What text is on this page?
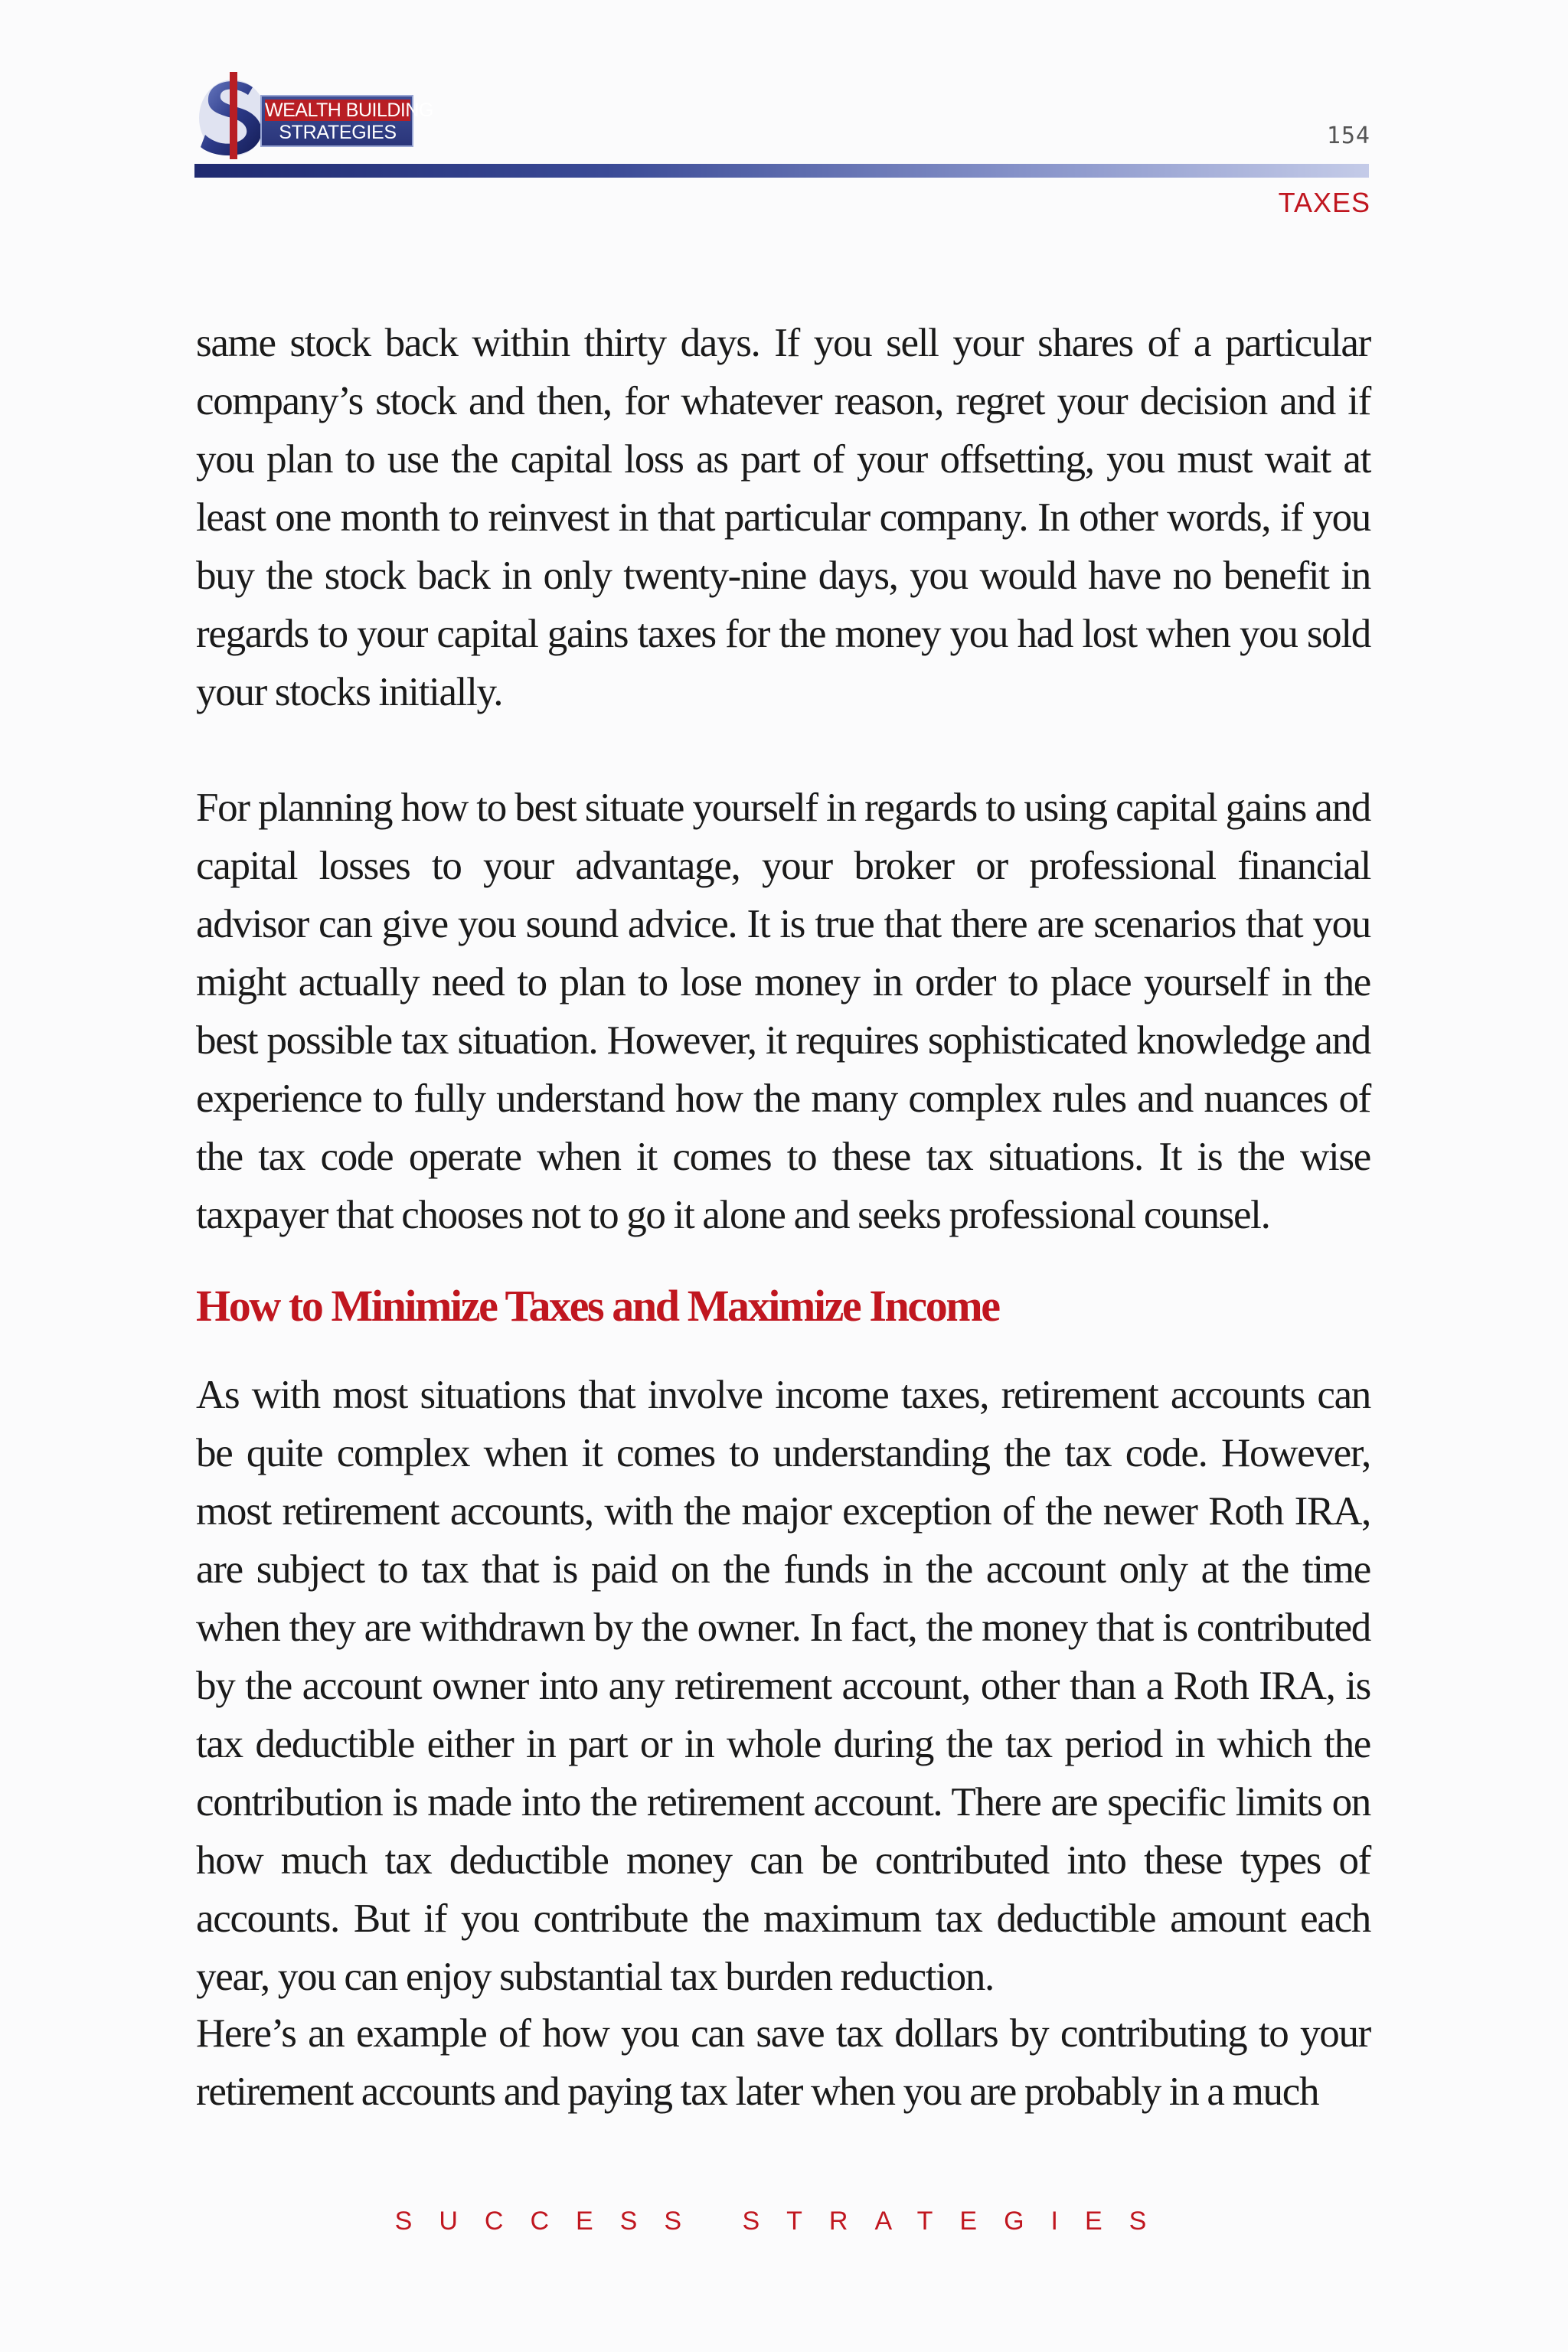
WEALTH BUILDING
STRATEGIES	154
TAXES

same stock back within thirty days. If you sell your shares of a particular company’s stock and then, for whatever reason, regret your decision and if you plan to use the capital loss as part of your offsetting, you must wait at least one month to reinvest in that particular company. In other words, if you buy the stock back in only twenty-nine days, you would have no benefit in regards to your capital gains taxes for the money you had lost when you sold your stocks initially.

For planning how to best situate yourself in regards to using capital gains and capital losses to your advantage, your broker or professional financial advisor can give you sound advice. It is true that there are scenarios that you might actually need to plan to lose money in order to place yourself in the best possible tax situation. However, it requires sophisticated knowledge and experience to fully understand how the many complex rules and nuances of the tax code operate when it comes to these tax situations. It is the wise taxpayer that chooses not to go it alone and seeks professional counsel.

How to Minimize Taxes and Maximize Income

As with most situations that involve income taxes, retirement accounts can be quite complex when it comes to understanding the tax code. However, most retirement accounts, with the major exception of the newer Roth IRA, are subject to tax that is paid on the funds in the account only at the time when they are withdrawn by the owner. In fact, the money that is contributed by the account owner into any retirement account, other than a Roth IRA, is tax deductible either in part or in whole during the tax period in which the contribution is made into the retirement account. There are specific limits on how much tax deductible money can be contributed into these types of accounts. But if you contribute the maximum tax deductible amount each year, you can enjoy substantial tax burden reduction.

Here’s an example of how you can save tax dollars by contributing to your retirement accounts and paying tax later when you are probably in a much

SUCCESS STRATEGIES
